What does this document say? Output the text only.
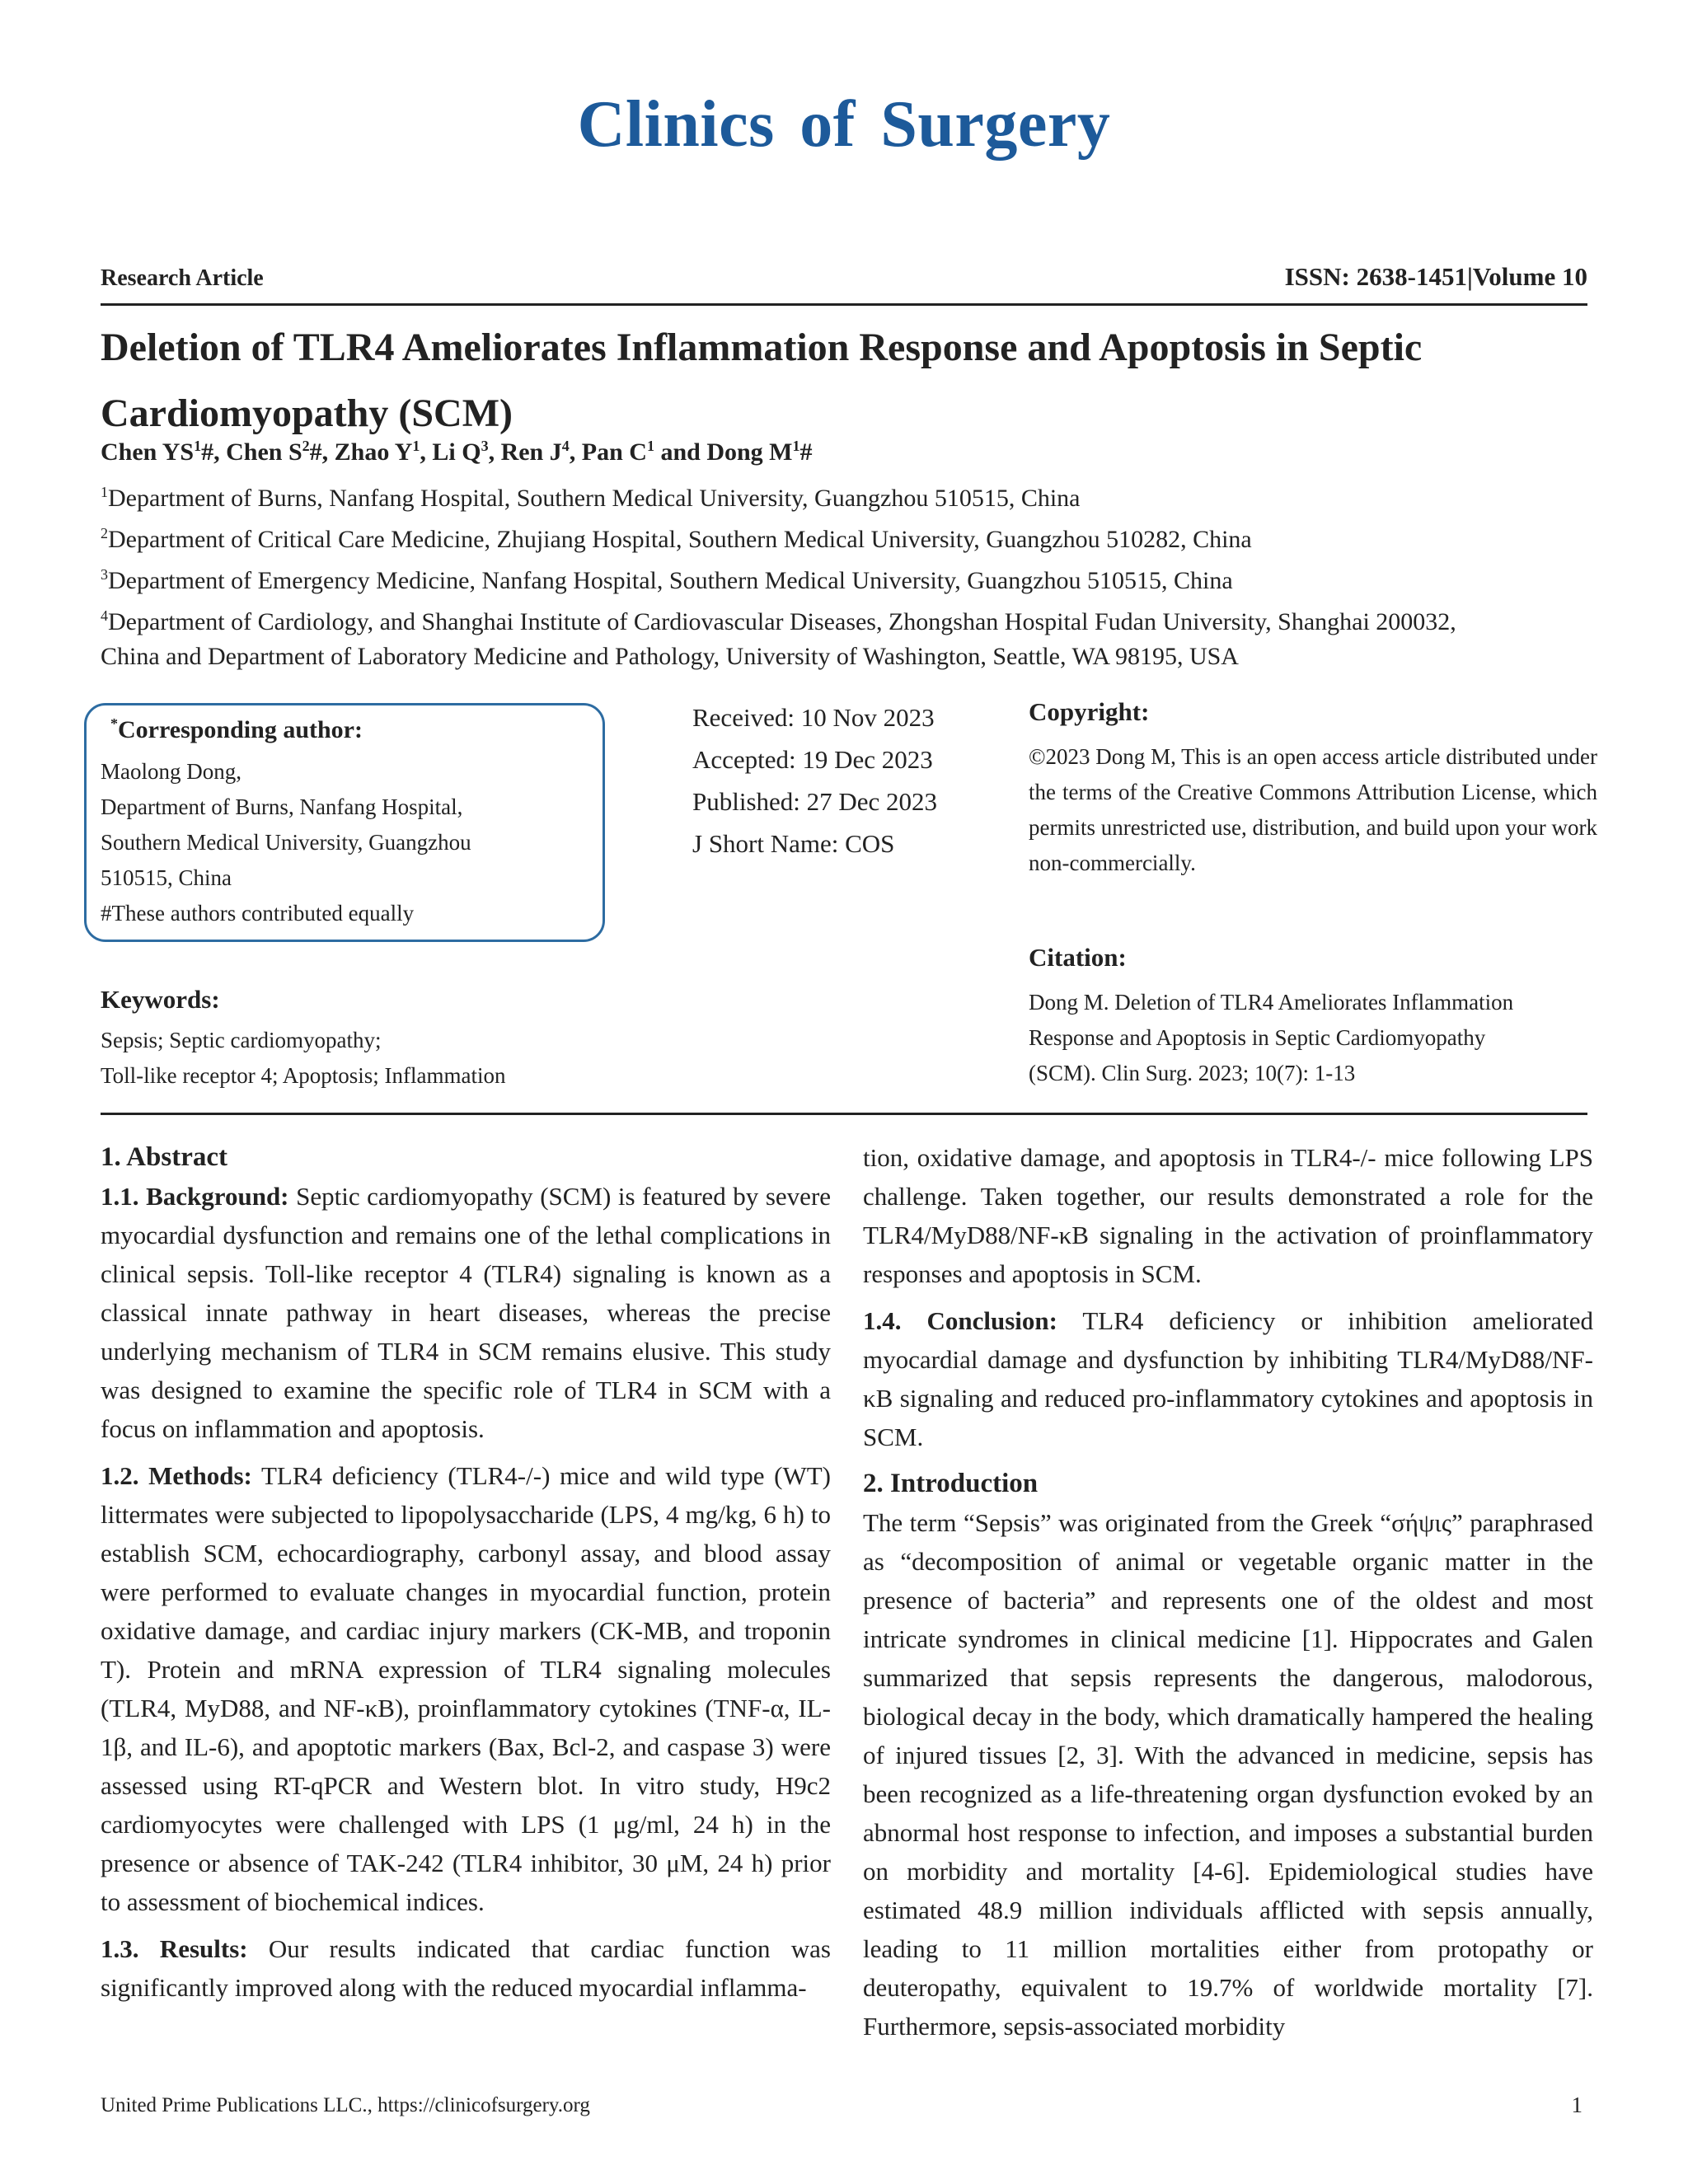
Clinics of Surgery
Research Article	ISSN: 2638-1451|Volume 10
Deletion of TLR4 Ameliorates Inflammation Response and Apoptosis in Septic
Cardiomyopathy (SCM)
Chen $YS^1\#$, Chen $S^2\#$, Zhao $Y^1$, Li $Q^3$, Ren $J^4$, Pan $C^1$ and Dong $M^1\#$
$^1$Department of Burns, Nanfang Hospital, Southern Medical University, Guangzhou 510515, China
$^2$Department of Critical Care Medicine, Zhujiang Hospital, Southern Medical University, Guangzhou 510282, China
$^3$Department of Emergency Medicine, Nanfang Hospital, Southern Medical University, Guangzhou 510515, China
$^4$Department of Cardiology, and Shanghai Institute of Cardiovascular Diseases, Zhongshan Hospital Fudan University, Shanghai 200032,
China and Department of Laboratory Medicine and Pathology, University of Washington, Seattle, WA 98195, USA
*Corresponding author:
Maolong Dong,
Department of Burns, Nanfang Hospital,
Southern Medical University, Guangzhou
510515, China
#These authors contributed equally
Received: 10 Nov 2023
Accepted: 19 Dec 2023
Published: 27 Dec 2023
J Short Name: COS
Copyright:
©2023 Dong M, This is an open access article distributed under the terms of the Creative Commons Attribution License, which permits unrestricted use, distribution, and build upon your work non-commercially.
Citation:
Dong M. Deletion of TLR4 Ameliorates Inflammation
Response and Apoptosis in Septic Cardiomyopathy
(SCM). Clin Surg. 2023; 10(7): 1-13
Keywords:
Sepsis; Septic cardiomyopathy;
Toll-like receptor 4; Apoptosis; Inflammation

1. Abstract

1.1. Background: Septic cardiomyopathy (SCM) is featured by severe myocardial dysfunction and remains one of the lethal complications in clinical sepsis. Toll-like receptor 4 (TLR4) signaling is known as a classical innate pathway in heart diseases, whereas the precise underlying mechanism of TLR4 in SCM remains elusive. This study was designed to examine the specific role of TLR4 in SCM with a focus on inflammation and apoptosis.

1.2. Methods: TLR4 deficiency (TLR4-/-) mice and wild type (WT) littermates were subjected to lipopolysaccharide (LPS, 4 mg/kg, 6 h) to establish SCM, echocardiography, carbonyl assay, and blood assay were performed to evaluate changes in myocardial function, protein oxidative damage, and cardiac injury markers (CK-MB, and troponin T). Protein and mRNA expression of TLR4 signaling molecules (TLR4, MyD88, and NF-κB), proinflammatory cytokines (TNF-α, IL-1β, and IL-6), and apoptotic markers (Bax, Bcl-2, and caspase 3) were assessed using RT-qPCR and Western blot. In vitro study, H9c2 cardiomyocytes were challenged with LPS (1 μg/ml, 24 h) in the presence or absence of TAK-242 (TLR4 inhibitor, 30 μM, 24 h) prior to assessment of biochemical indices.

1.3. Results: Our results indicated that cardiac function was significantly improved along with the reduced myocardial inflamma-

tion, oxidative damage, and apoptosis in TLR4-/- mice following LPS challenge. Taken together, our results demonstrated a role for the TLR4/MyD88/NF-κB signaling in the activation of proinflammatory responses and apoptosis in SCM.

1.4. Conclusion: TLR4 deficiency or inhibition ameliorated myocardial damage and dysfunction by inhibiting TLR4/MyD88/NF-κB signaling and reduced pro-inflammatory cytokines and apoptosis in SCM.

2. Introduction

The term “Sepsis” was originated from the Greek “σήψις” paraphrased as “decomposition of animal or vegetable organic matter in the presence of bacteria” and represents one of the oldest and most intricate syndromes in clinical medicine [1]. Hippocrates and Galen summarized that sepsis represents the dangerous, malodorous, biological decay in the body, which dramatically hampered the healing of injured tissues [2, 3]. With the advanced in medicine, sepsis has been recognized as a life-threatening organ dysfunction evoked by an abnormal host response to infection, and imposes a substantial burden on morbidity and mortality [4-6]. Epidemiological studies have estimated 48.9 million individuals afflicted with sepsis annually, leading to 11 million mortalities either from protopathy or deuteropathy, equivalent to 19.7% of worldwide mortality [7]. Furthermore, sepsis-associated morbidity

United Prime Publications LLC., https://clinicofsurgery.org	1
